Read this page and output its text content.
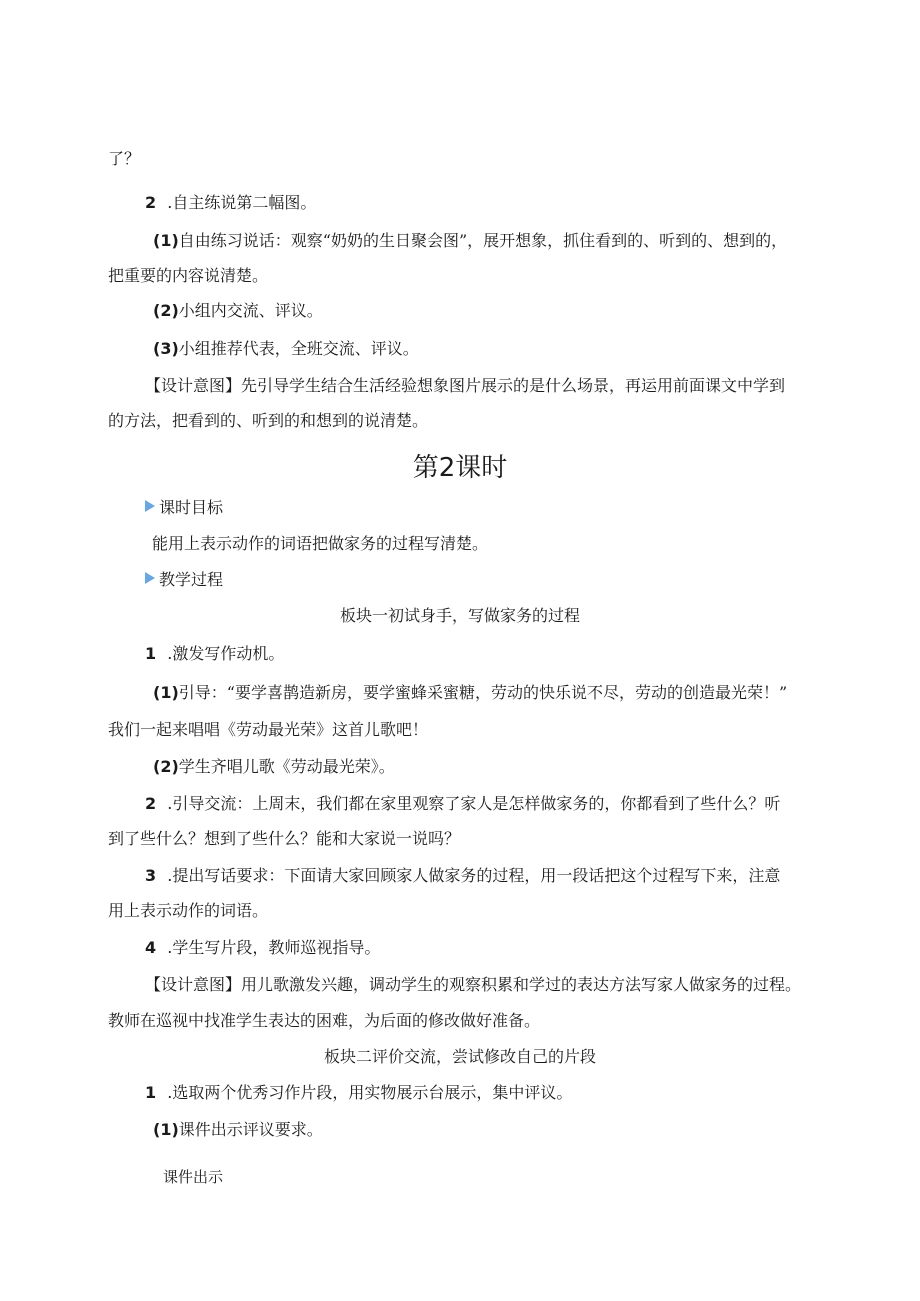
了？
2 .自主练说第二幅图。
(1)自由练习说话：观察“奶奶的生日聚会图”，展开想象，抓住看到的、听到的、想到的，
把重要的内容说清楚。
(2)小组内交流、评议。
(3)小组推荐代表，全班交流、评议。
【设计意图】先引导学生结合生活经验想象图片展示的是什么场景，再运用前面课文中学到
的方法，把看到的、听到的和想到的说清楚。
第2课时
课时目标
能用上表示动作的词语把做家务的过程写清楚。
教学过程
板块一初试身手，写做家务的过程
1 .激发写作动机。
(1)引导：“要学喜鹊造新房，要学蜜蜂采蜜糖，劳动的快乐说不尽，劳动的创造最光荣！”
我们一起来唱唱《劳动最光荣》这首儿歌吧！
(2)学生齐唱儿歌《劳动最光荣》。
2 .引导交流：上周末，我们都在家里观察了家人是怎样做家务的，你都看到了些什么？听
到了些什么？想到了些什么？能和大家说一说吗？
3 .提出写话要求：下面请大家回顾家人做家务的过程，用一段话把这个过程写下来，注意
用上表示动作的词语。
4 .学生写片段，教师巡视指导。
【设计意图】用儿歌激发兴趣，调动学生的观察积累和学过的表达方法写家人做家务的过程。
教师在巡视中找准学生表达的困难，为后面的修改做好准备。
板块二评价交流，尝试修改自己的片段
1 .选取两个优秀习作片段，用实物展示台展示，集中评议。
(1)课件出示评议要求。
课件出示
